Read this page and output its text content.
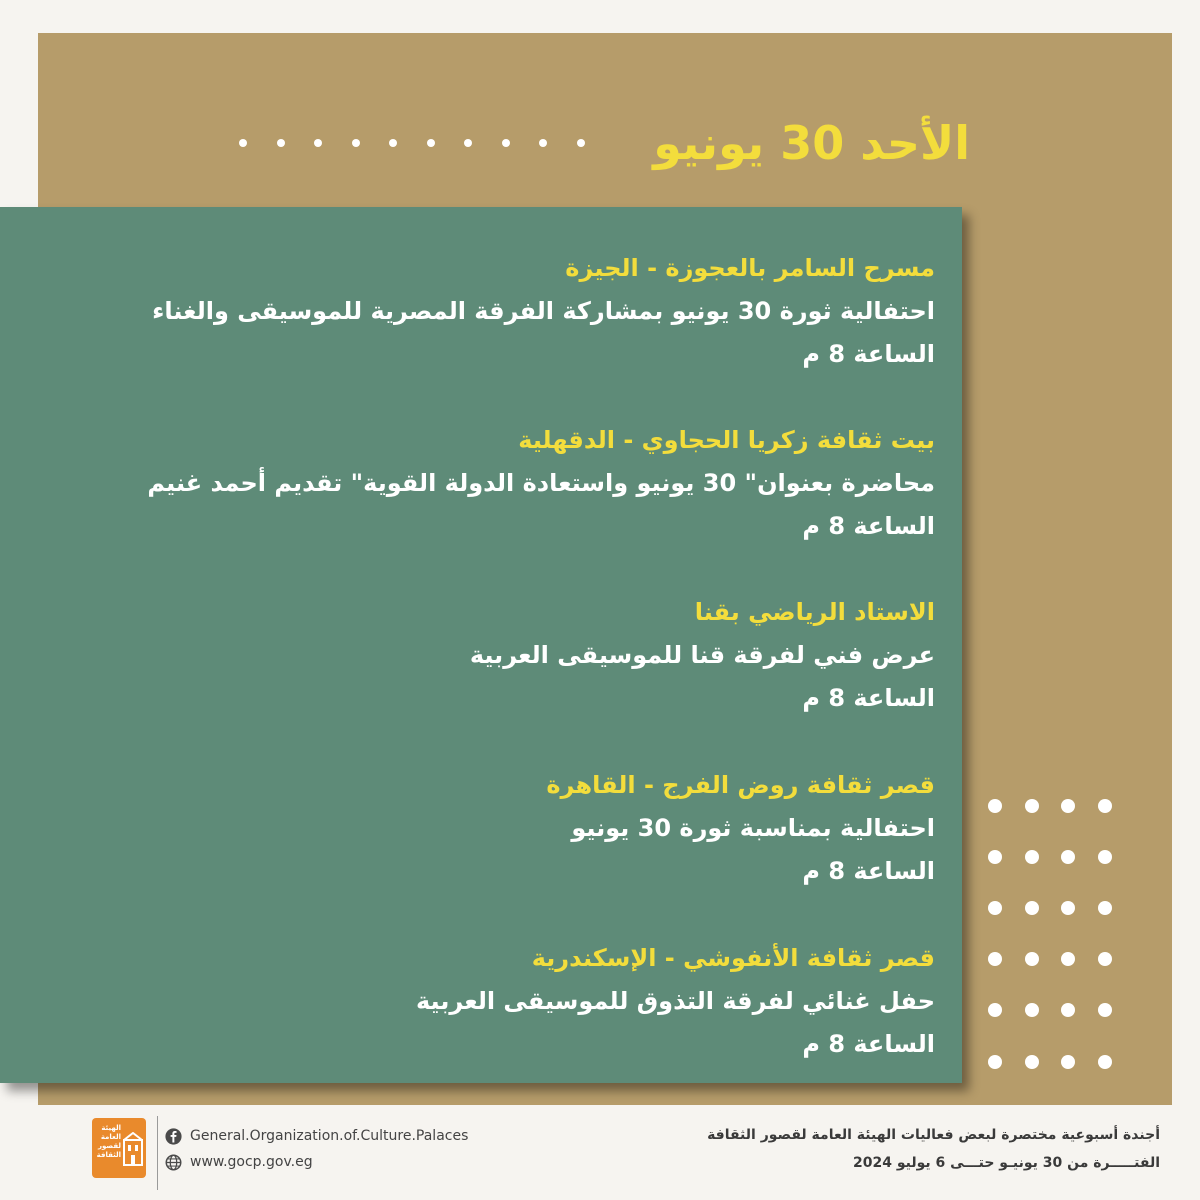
الأحد 30 يونيو
مسرح السامر بالعجوزة - الجيزة
احتفالية ثورة 30 يونيو بمشاركة الفرقة المصرية للموسيقى والغناء
الساعة 8 م
بيت ثقافة زكريا الحجاوي - الدقهلية
محاضرة بعنوان" 30 يونيو واستعادة الدولة القوية" تقديم أحمد غنيم
الساعة 8 م
الاستاد الرياضي بقنا
عرض فني لفرقة قنا للموسيقى العربية
الساعة 8 م
قصر ثقافة روض الفرج - القاهرة
احتفالية بمناسبة ثورة 30 يونيو
الساعة 8 م
قصر ثقافة الأنفوشي - الإسكندرية
حفل غنائي لفرقة التذوق للموسيقى العربية
الساعة 8 م
الهيئة العامة لقصور الثقافة
General.Organization.of.Culture.Palaces
www.gocp.gov.eg
أجندة أسبوعية مختصرة لبعض فعاليات الهيئة العامة لقصور الثقافة
الفتـــــرة من 30 يونيـو حتـــى 6 يوليو 2024
